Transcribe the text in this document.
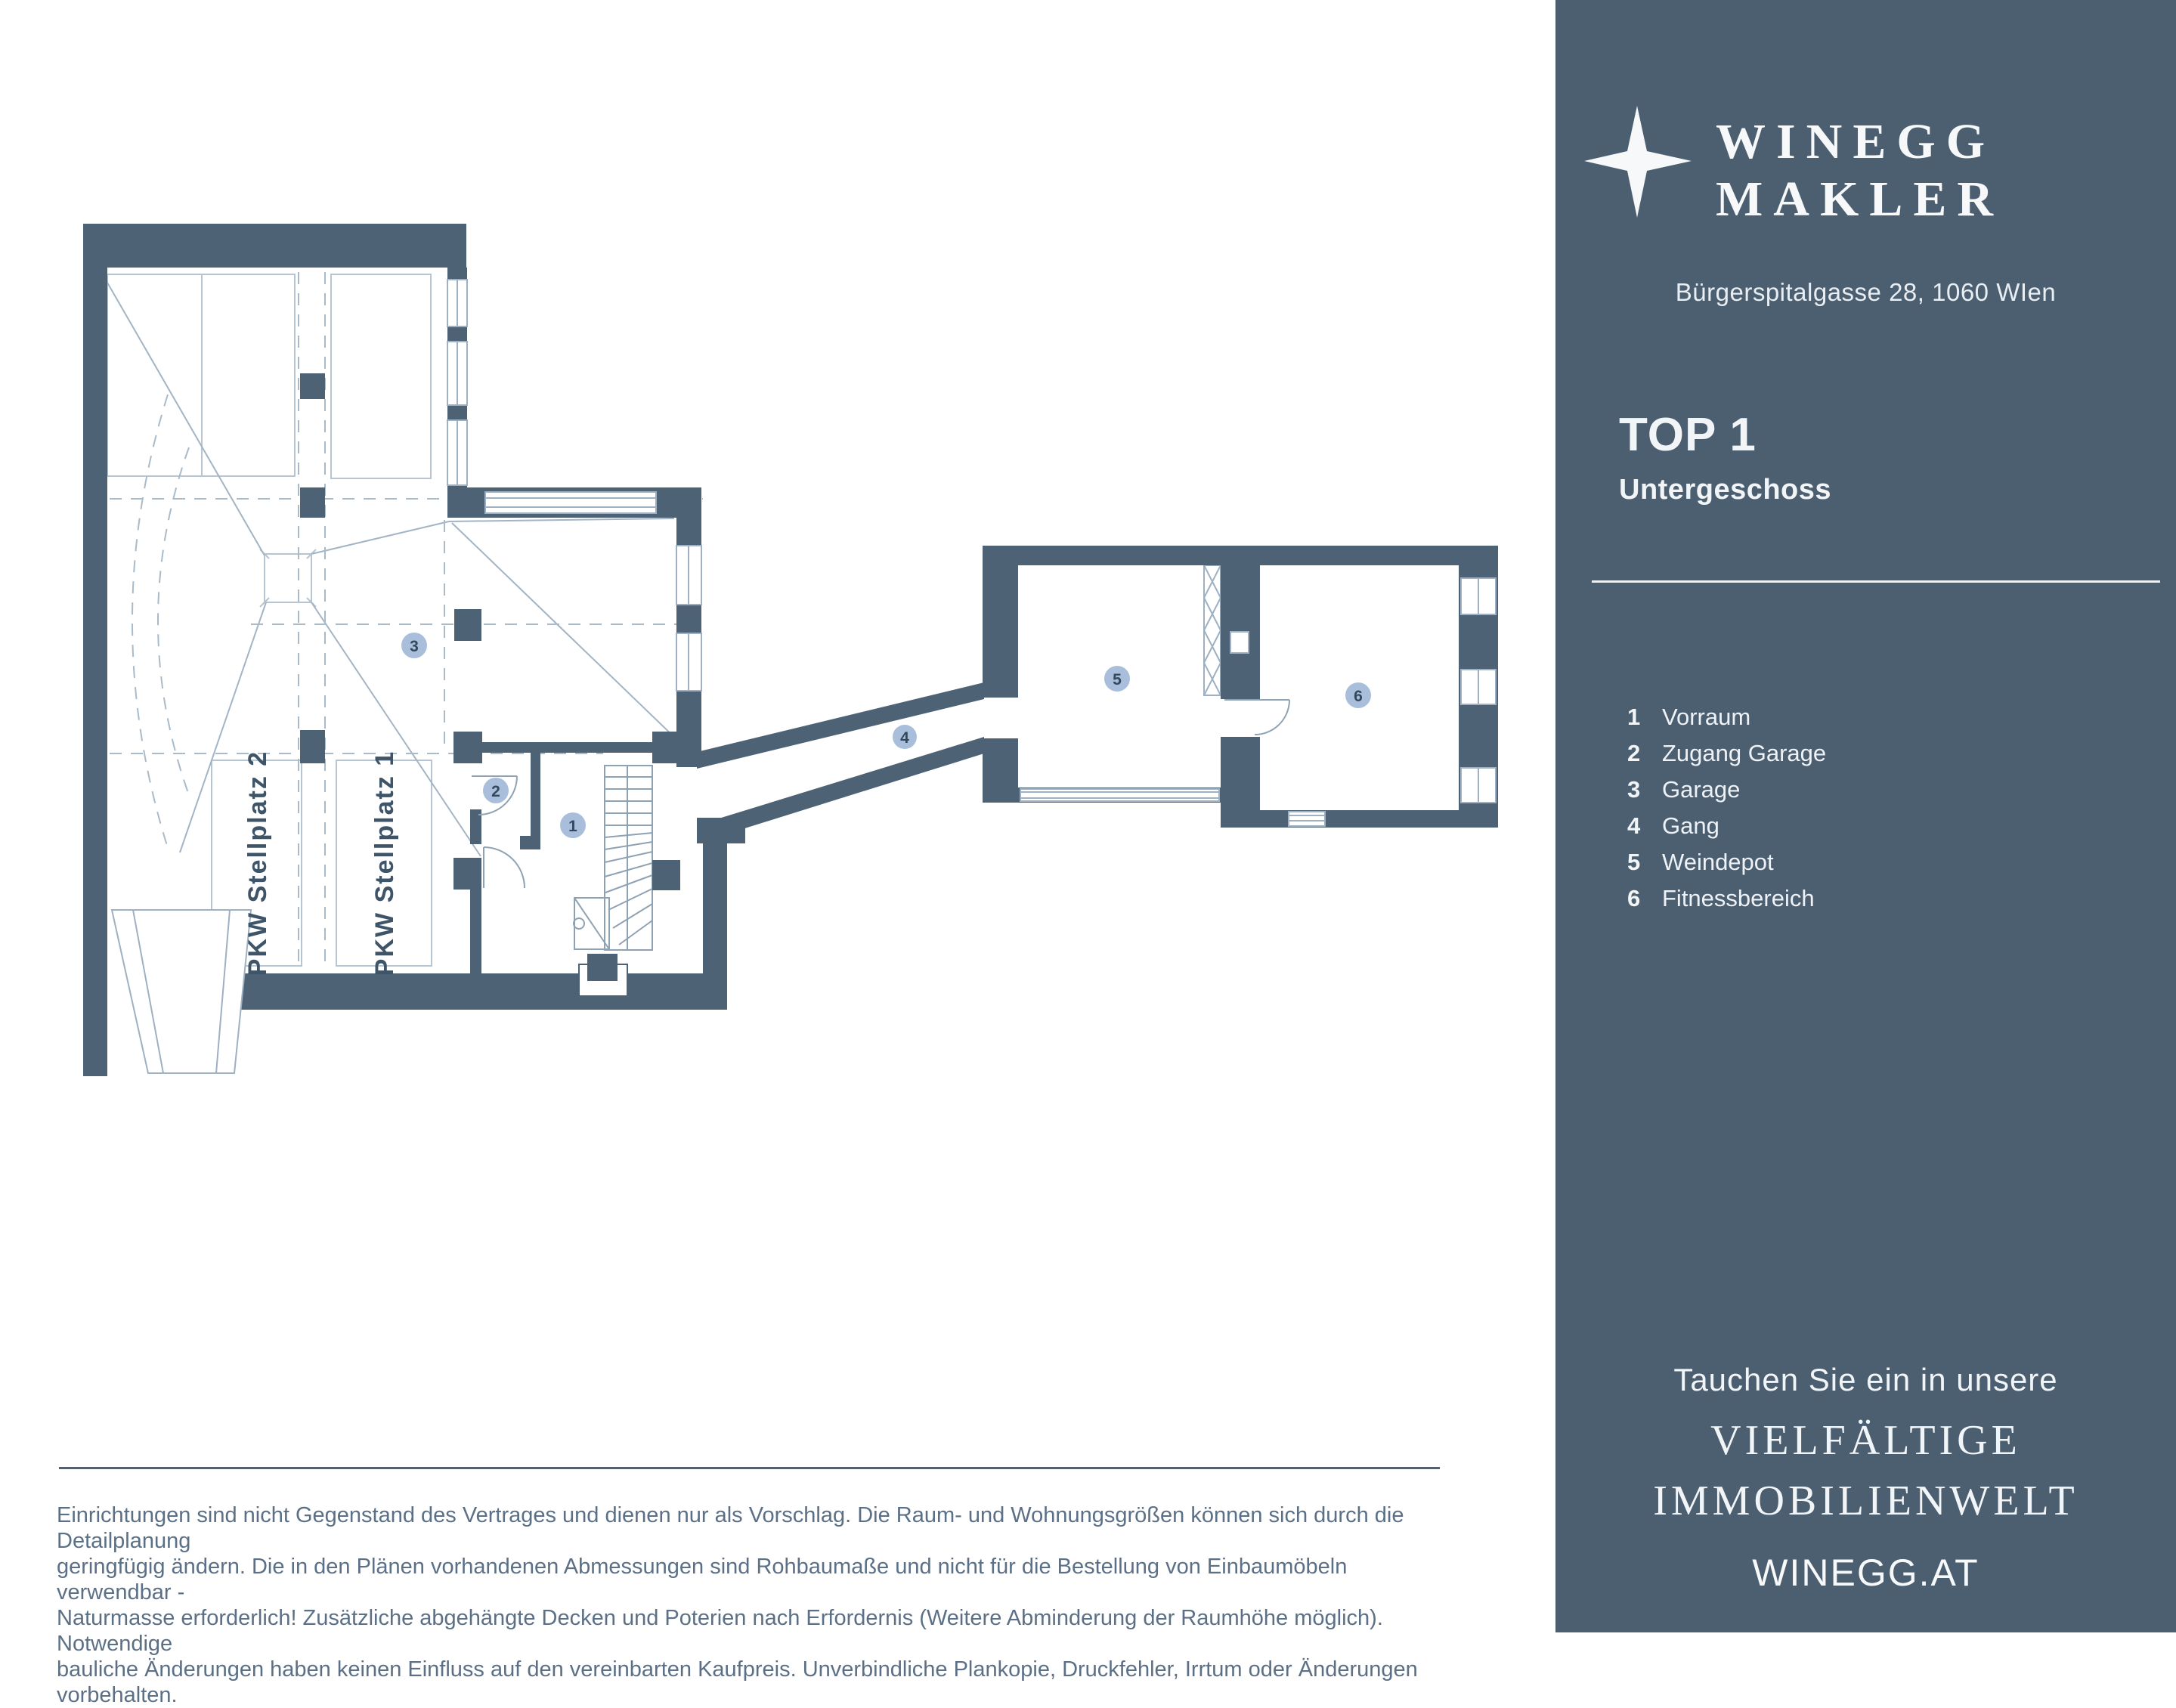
PKW Stellplatz 2	PKW Stellplatz 1	1
2
3
4
5
6
WINEGG
MAKLER
Bürgerspitalgasse 28, 1060 WIen
TOP 1
Untergeschoss
1 Vorraum
2 Zugang Garage
3 Garage
4 Gang
5 Weindepot
6 Fitnessbereich
Tauchen Sie ein in unsere
VIELFÄLTIGE
IMMOBILIENWELT
WINEGG.AT
Einrichtungen sind nicht Gegenstand des Vertrages und dienen nur als Vorschlag. Die Raum- und Wohnungsgrößen können sich durch die Detailplanung
geringfügig ändern. Die in den Plänen vorhandenen Abmessungen sind Rohbaumaße und nicht für die Bestellung von Einbaumöbeln verwendbar -
Naturmasse erforderlich! Zusätzliche abgehängte Decken und Poterien nach Erfordernis (Weitere Abminderung der Raumhöhe möglich). Notwendige
bauliche Änderungen haben keinen Einfluss auf den vereinbarten Kaufpreis. Unverbindliche Plankopie, Druckfehler, Irrtum oder Änderungen vorbehalten.
